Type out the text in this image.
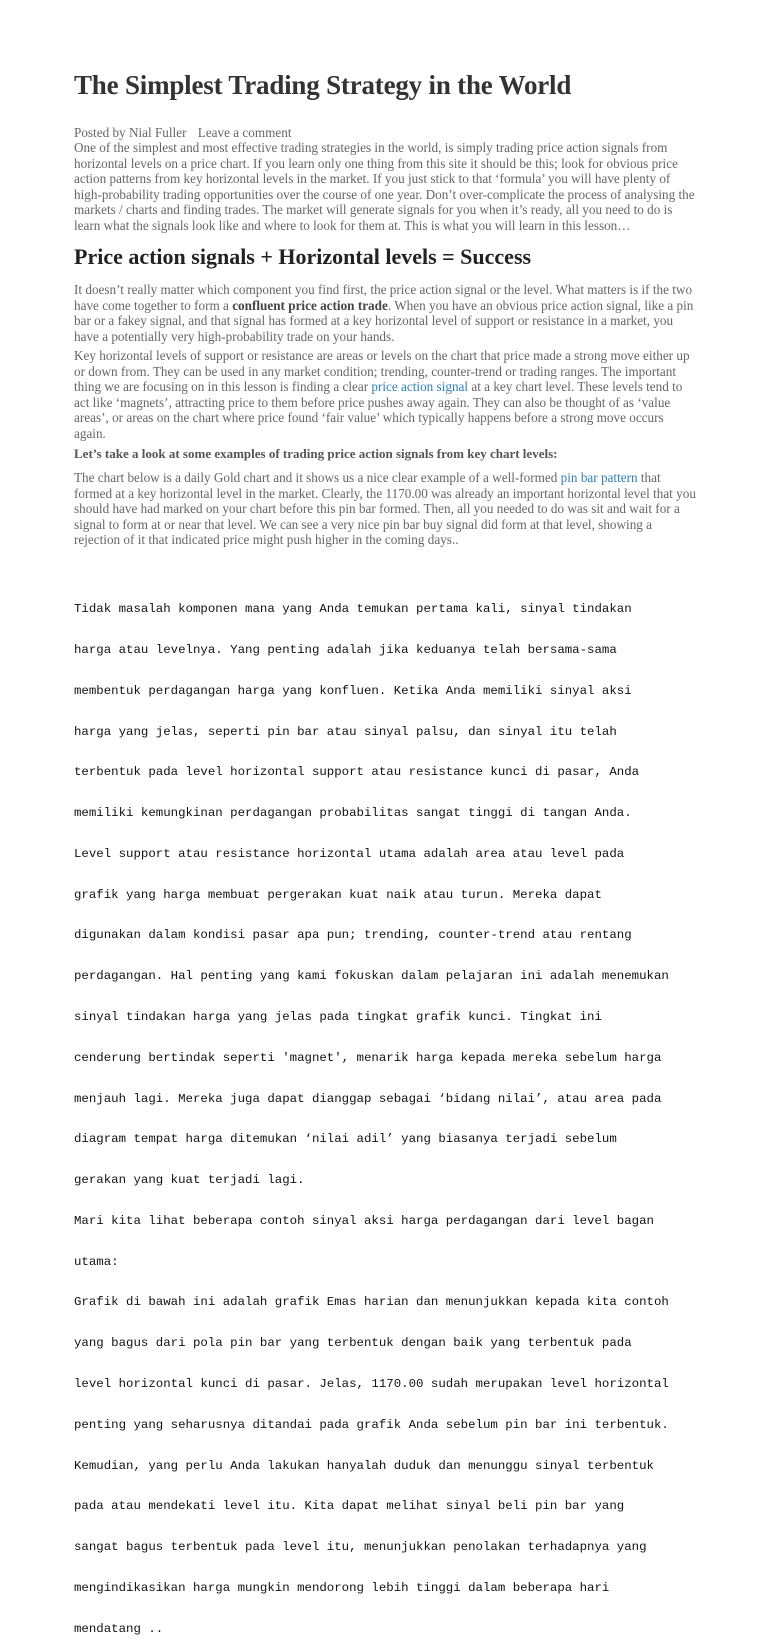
The Simplest Trading Strategy in the World
Posted by Nial Fuller Leave a comment
One of the simplest and most effective trading strategies in the world, is simply trading price action signals from horizontal levels on a price chart. If you learn only one thing from this site it should be this; look for obvious price action patterns from key horizontal levels in the market. If you just stick to that ‘formula’ you will have plenty of high-probability trading opportunities over the course of one year. Don’t over-complicate the process of analysing the markets / charts and finding trades. The market will generate signals for you when it’s ready, all you need to do is learn what the signals look like and where to look for them at. This is what you will learn in this lesson…
Price action signals + Horizontal levels = Success
It doesn’t really matter which component you find first, the price action signal or the level. What matters is if the two have come together to form a confluent price action trade. When you have an obvious price action signal, like a pin bar or a fakey signal, and that signal has formed at a key horizontal level of support or resistance in a market, you have a potentially very high-probability trade on your hands.
Key horizontal levels of support or resistance are areas or levels on the chart that price made a strong move either up or down from. They can be used in any market condition; trending, counter-trend or trading ranges. The important thing we are focusing on in this lesson is finding a clear price action signal at a key chart level. These levels tend to act like ‘magnets’, attracting price to them before price pushes away again. They can also be thought of as ‘value areas’, or areas on the chart where price found ‘fair value’ which typically happens before a strong move occurs again.
Let’s take a look at some examples of trading price action signals from key chart levels:
The chart below is a daily Gold chart and it shows us a nice clear example of a well-formed pin bar pattern that formed at a key horizontal level in the market. Clearly, the 1170.00 was already an important horizontal level that you should have had marked on your chart before this pin bar formed. Then, all you needed to do was sit and wait for a signal to form at or near that level. We can see a very nice pin bar buy signal did form at that level, showing a rejection of it that indicated price might push higher in the coming days..

Tidak masalah komponen mana yang Anda temukan pertama kali, sinyal tindakan

harga atau levelnya. Yang penting adalah jika keduanya telah bersama-sama

membentuk perdagangan harga yang konfluen. Ketika Anda memiliki sinyal aksi

harga yang jelas, seperti pin bar atau sinyal palsu, dan sinyal itu telah

terbentuk pada level horizontal support atau resistance kunci di pasar, Anda

memiliki kemungkinan perdagangan probabilitas sangat tinggi di tangan Anda.

Level support atau resistance horizontal utama adalah area atau level pada

grafik yang harga membuat pergerakan kuat naik atau turun. Mereka dapat

digunakan dalam kondisi pasar apa pun; trending, counter-trend atau rentang

perdagangan. Hal penting yang kami fokuskan dalam pelajaran ini adalah menemukan

sinyal tindakan harga yang jelas pada tingkat grafik kunci. Tingkat ini

cenderung bertindak seperti 'magnet', menarik harga kepada mereka sebelum harga

menjauh lagi. Mereka juga dapat dianggap sebagai ‘bidang nilai’, atau area pada

diagram tempat harga ditemukan ‘nilai adil’ yang biasanya terjadi sebelum

gerakan yang kuat terjadi lagi.

Mari kita lihat beberapa contoh sinyal aksi harga perdagangan dari level bagan

utama:

Grafik di bawah ini adalah grafik Emas harian dan menunjukkan kepada kita contoh

yang bagus dari pola pin bar yang terbentuk dengan baik yang terbentuk pada

level horizontal kunci di pasar. Jelas, 1170.00 sudah merupakan level horizontal

penting yang seharusnya ditandai pada grafik Anda sebelum pin bar ini terbentuk.

Kemudian, yang perlu Anda lakukan hanyalah duduk dan menunggu sinyal terbentuk

pada atau mendekati level itu. Kita dapat melihat sinyal beli pin bar yang

sangat bagus terbentuk pada level itu, menunjukkan penolakan terhadapnya yang

mengindikasikan harga mungkin mendorong lebih tinggi dalam beberapa hari

mendatang ..
